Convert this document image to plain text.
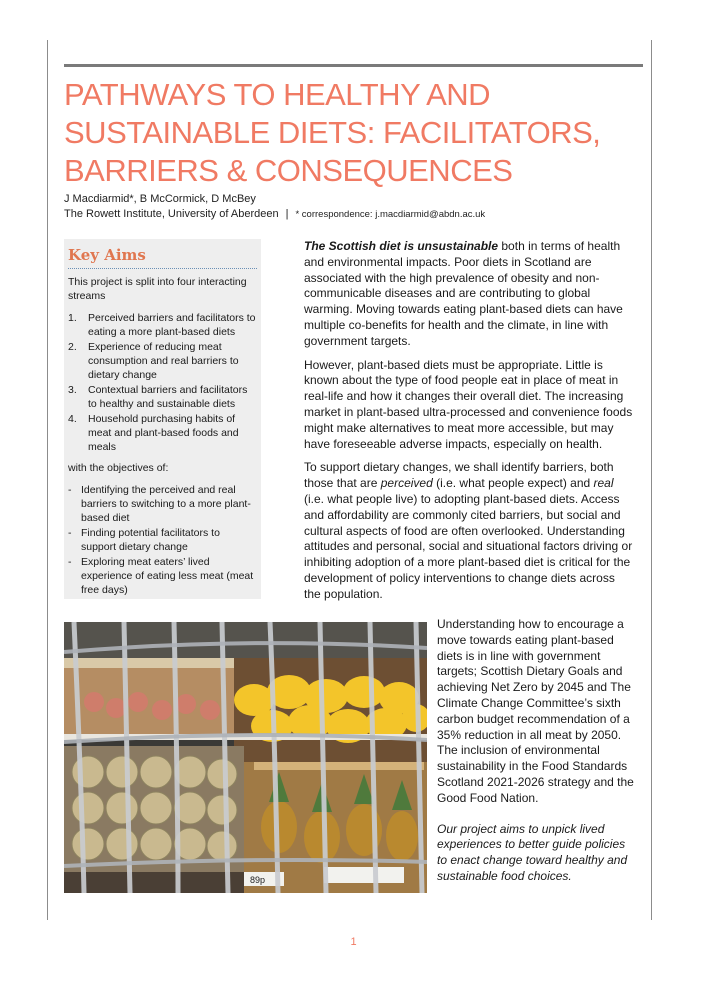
PATHWAYS TO HEALTHY AND SUSTAINABLE DIETS: FACILITATORS, BARRIERS & CONSEQUENCES
J Macdiarmid*, B McCormick, D McBey
The Rowett Institute, University of Aberdeen | * correspondence: j.macdiarmid@abdn.ac.uk
Key Aims

This project is split into four interacting streams

1. Perceived barriers and facilitators to eating a more plant-based diets
2. Experience of reducing meat consumption and real barriers to dietary change
3. Contextual barriers and facilitators to healthy and sustainable diets
4. Household purchasing habits of meat and plant-based foods and meals

with the objectives of:

- Identifying the perceived and real barriers to switching to a more plant-based diet
- Finding potential facilitators to support dietary change
- Exploring meat eaters’ lived experience of eating less meat (meat free days)

The Scottish diet is unsustainable both in terms of health and environmental impacts. Poor diets in Scotland are associated with the high prevalence of obesity and non-communicable diseases and are contributing to global warming. Moving towards eating plant-based diets can have multiple co-benefits for health and the climate, in line with government targets.

However, plant-based diets must be appropriate. Little is known about the type of food people eat in place of meat in real-life and how it changes their overall diet. The increasing market in plant-based ultra-processed and convenience foods might make alternatives to meat more accessible, but may have foreseeable adverse impacts, especially on health.

To support dietary changes, we shall identify barriers, both those that are perceived (i.e. what people expect) and real (i.e. what people live) to adopting plant-based diets. Access and affordability are commonly cited barriers, but social and cultural aspects of food are often overlooked. Understanding attitudes and personal, social and situational factors driving or inhibiting adoption of a more plant-based diet is critical for the development of policy interventions to change diets across the population.

89p

Understanding how to encourage a move towards eating plant-based diets is in line with government targets; Scottish Dietary Goals and achieving Net Zero by 2045 and The Climate Change Committee’s sixth carbon budget recommendation of a 35% reduction in all meat by 2050. The inclusion of environmental sustainability in the Food Standards Scotland 2021-2026 strategy and the Good Food Nation.

Our project aims to unpick lived experiences to better guide policies to enact change toward healthy and sustainable food choices.

1
